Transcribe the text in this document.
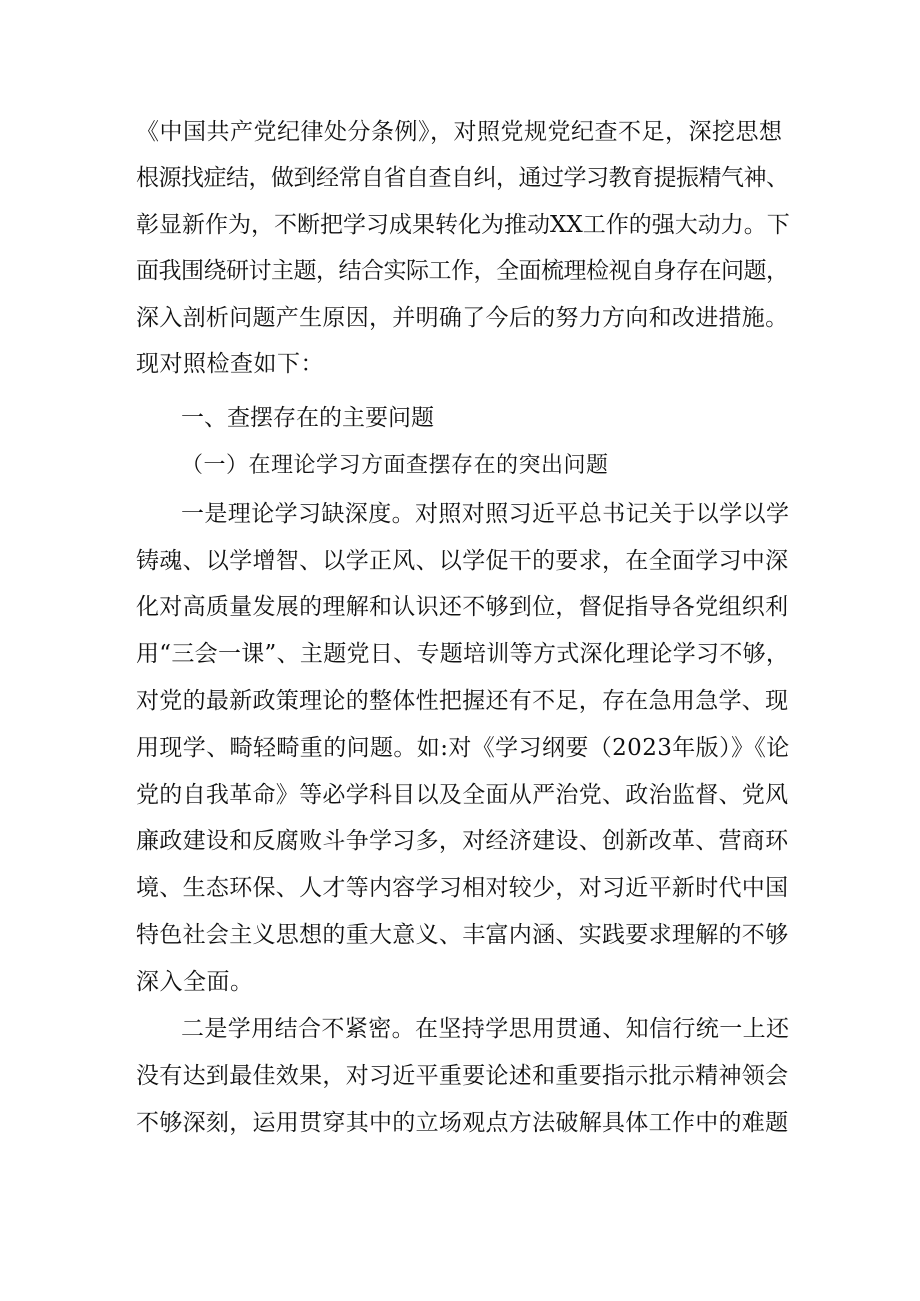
《中国共产党纪律处分条例》，对照党规党纪查不足，深挖思想
根源找症结，做到经常自省自查自纠，通过学习教育提振精气神、
彰显新作为，不断把学习成果转化为推动XX工作的强大动力。下
面我围绕研讨主题，结合实际工作，全面梳理检视自身存在问题，
深入剖析问题产生原因，并明确了今后的努力方向和改进措施。
现对照检查如下：
一、查摆存在的主要问题
（一）在理论学习方面查摆存在的突出问题
一是理论学习缺深度。对照对照习近平总书记关于以学以学
铸魂、以学增智、以学正风、以学促干的要求，在全面学习中深
化对高质量发展的理解和认识还不够到位，督促指导各党组织利
用“三会一课”、主题党日、专题培训等方式深化理论学习不够，
对党的最新政策理论的整体性把握还有不足，存在急用急学、现
用现学、畸轻畸重的问题。如:对《学习纲要（2023年版）》《论
党的自我革命》等必学科目以及全面从严治党、政治监督、党风
廉政建设和反腐败斗争学习多，对经济建设、创新改革、营商环
境、生态环保、人才等内容学习相对较少，对习近平新时代中国
特色社会主义思想的重大意义、丰富内涵、实践要求理解的不够
深入全面。
二是学用结合不紧密。在坚持学思用贯通、知信行统一上还
没有达到最佳效果，对习近平重要论述和重要指示批示精神领会
不够深刻，运用贯穿其中的立场观点方法破解具体工作中的难题
